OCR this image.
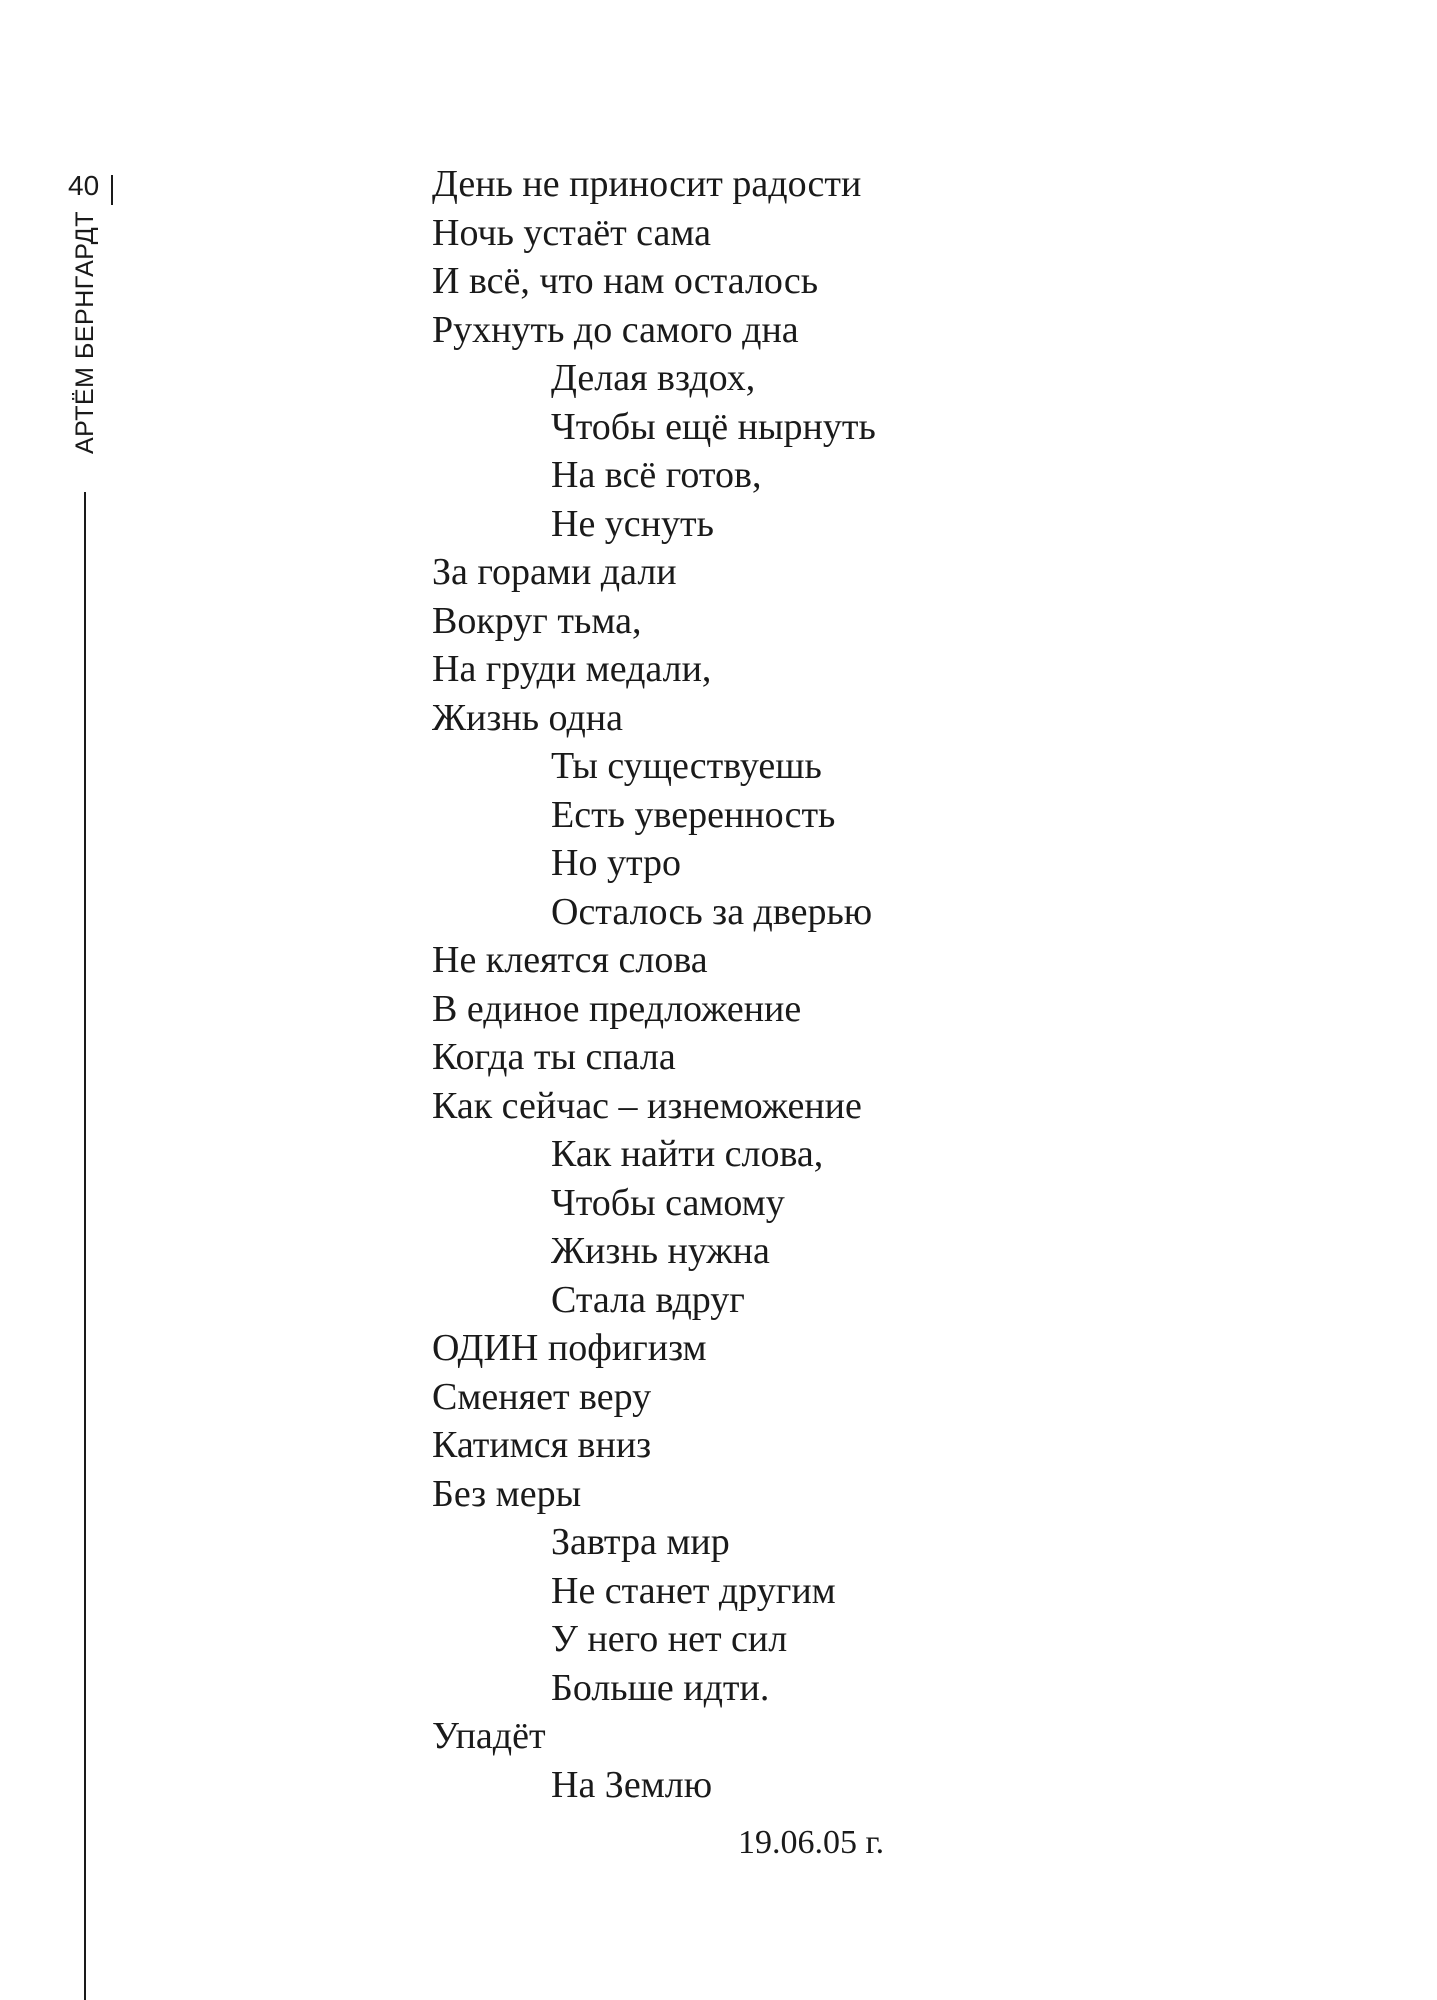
40
АРТЁМ БЕРНГАРДТ
День не приносит радости
Ночь устаёт сама
И всё, что нам осталось
Рухнуть до самого дна
Делая вздох,
Чтобы ещё нырнуть
На всё готов,
Не уснуть
За горами дали
Вокруг тьма,
На груди медали,
Жизнь одна
Ты существуешь
Есть уверенность
Но утро
Осталось за дверью
Не клеятся слова
В единое предложение
Когда ты спала
Как сейчас – изнеможение
Как найти слова,
Чтобы самому
Жизнь нужна
Стала вдруг
ОДИН пофигизм
Сменяет веру
Катимся вниз
Без меры
Завтра мир
Не станет другим
У него нет сил
Больше идти.
Упадёт
На Землю
19.06.05 г.
